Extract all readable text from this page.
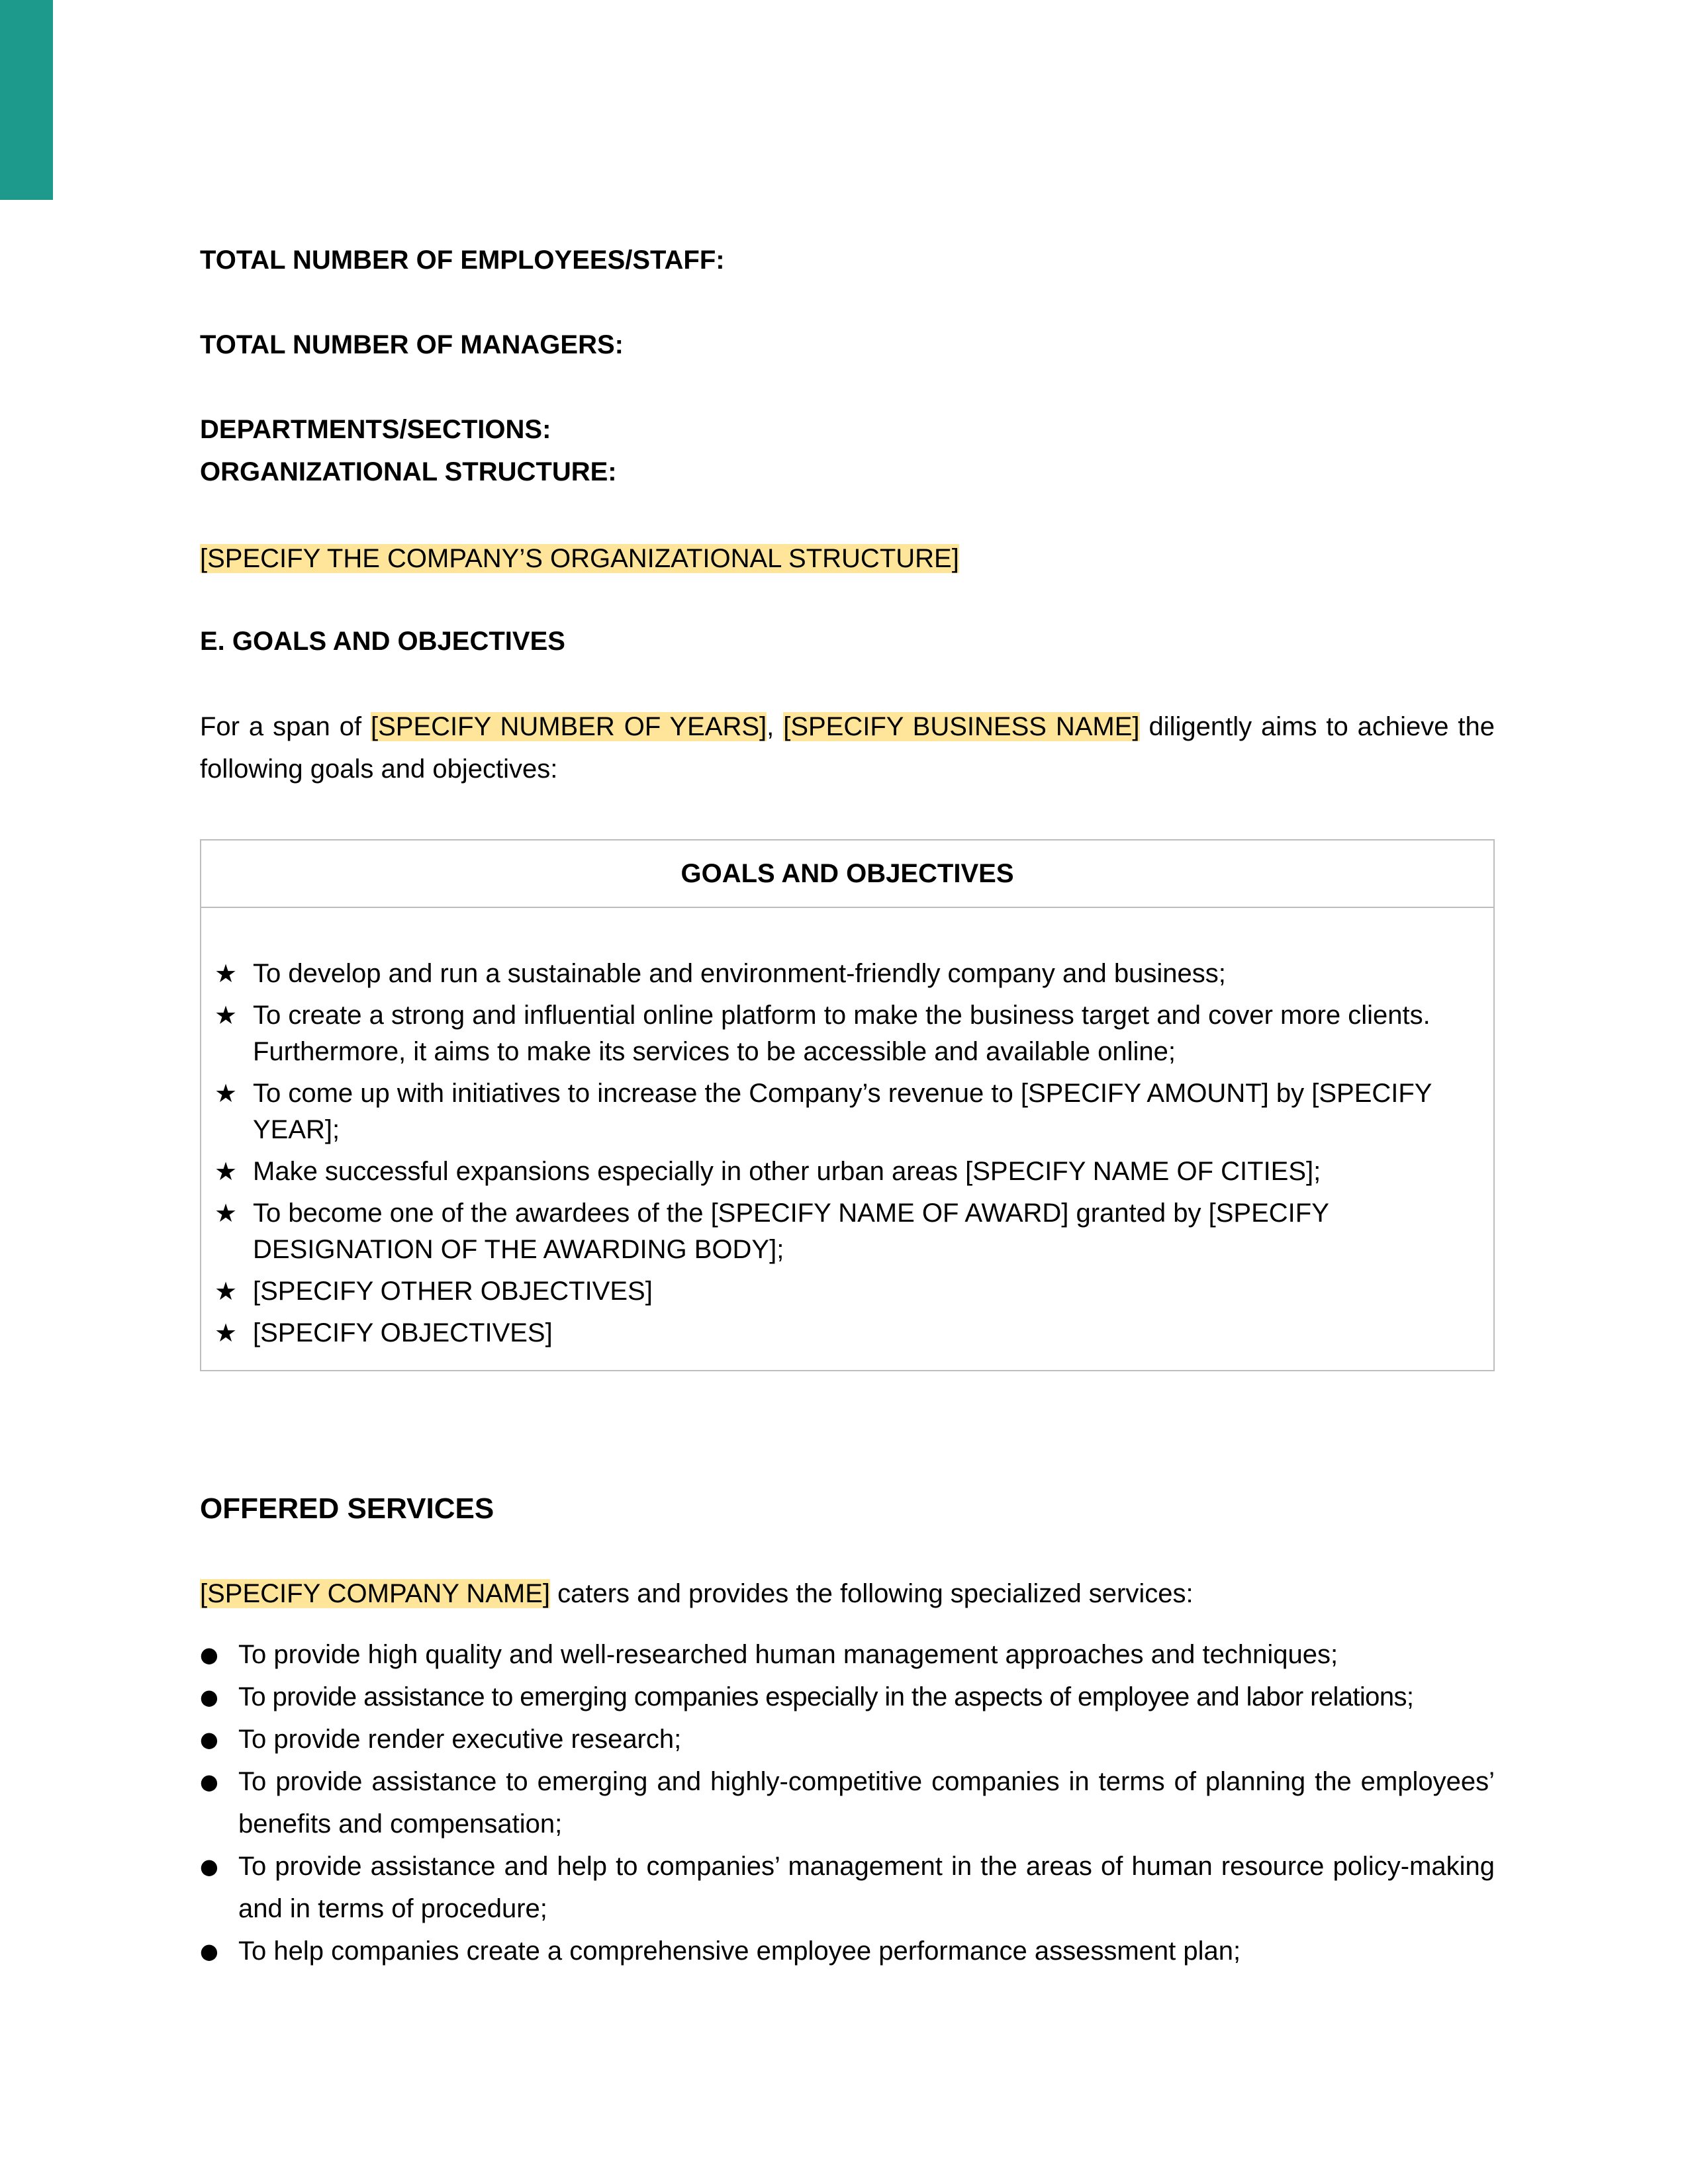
TOTAL NUMBER OF EMPLOYEES/STAFF:

TOTAL NUMBER OF MANAGERS:

DEPARTMENTS/SECTIONS:

ORGANIZATIONAL STRUCTURE:

[SPECIFY THE COMPANY’S ORGANIZATIONAL STRUCTURE]

E. GOALS AND OBJECTIVES

For a span of [SPECIFY NUMBER OF YEARS], [SPECIFY BUSINESS NAME] diligently aims to achieve the following goals and objectives:

GOALS AND OBJECTIVES
★ To develop and run a sustainable and environment-friendly company and business;
★ To create a strong and influential online platform to make the business target and cover more clients. Furthermore, it aims to make its services to be accessible and available online;
★ To come up with initiatives to increase the Company’s revenue to [SPECIFY AMOUNT] by [SPECIFY YEAR];
★ Make successful expansions especially in other urban areas [SPECIFY NAME OF CITIES];
★ To become one of the awardees of the [SPECIFY NAME OF AWARD] granted by [SPECIFY DESIGNATION OF THE AWARDING BODY];
★ [SPECIFY OTHER OBJECTIVES]
★ [SPECIFY OBJECTIVES]

OFFERED SERVICES

[SPECIFY COMPANY NAME] caters and provides the following specialized services:

● To provide high quality and well-researched human management approaches and techniques;
● To provide assistance to emerging companies especially in the aspects of employee and labor relations;
● To provide render executive research;
● To provide assistance to emerging and highly-competitive companies in terms of planning the employees’ benefits and compensation;
● To provide assistance and help to companies’ management in the areas of human resource policy-making and in terms of procedure;
● To help companies create a comprehensive employee performance assessment plan;
